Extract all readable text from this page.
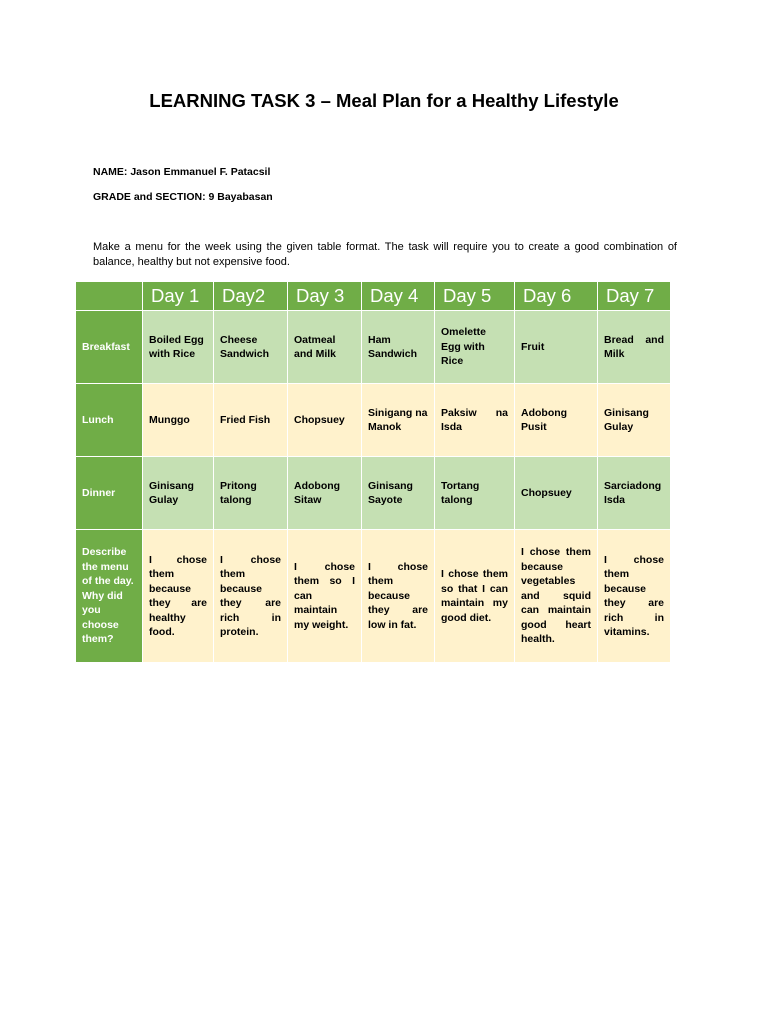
LEARNING TASK 3 – Meal Plan for a Healthy Lifestyle

NAME: Jason Emmanuel F. Patacsil

GRADE and SECTION: 9 Bayabasan

Make a menu for the week using the given table format. The task will require you to create a good combination of balance, healthy but not expensive food.

	Day 1	Day2	Day 3	Day 4	Day 5	Day 6	Day 7
Breakfast	Boiled Egg with Rice	Cheese Sandwich	Oatmeal and Milk	Ham Sandwich	Omelette Egg with Rice	Fruit	Bread and Milk
Lunch	Munggo	Fried Fish	Chopsuey	Sinigang na Manok	Paksiw na Isda	Adobong Pusit	Ginisang Gulay
Dinner	Ginisang Gulay	Pritong talong	Adobong Sitaw	Ginisang Sayote	Tortang talong	Chopsuey	Sarciadong Isda
Describe the menu of the day. Why did you choose them?	I chose them because they are healthy food.	I chose them because they are rich in protein.	I chose them so I can maintain my weight.	I chose them because they are low in fat.	I chose them so that I can maintain my good diet.	I chose them because vegetables and squid can maintain good heart health.	I chose them because they are rich in vitamins.
